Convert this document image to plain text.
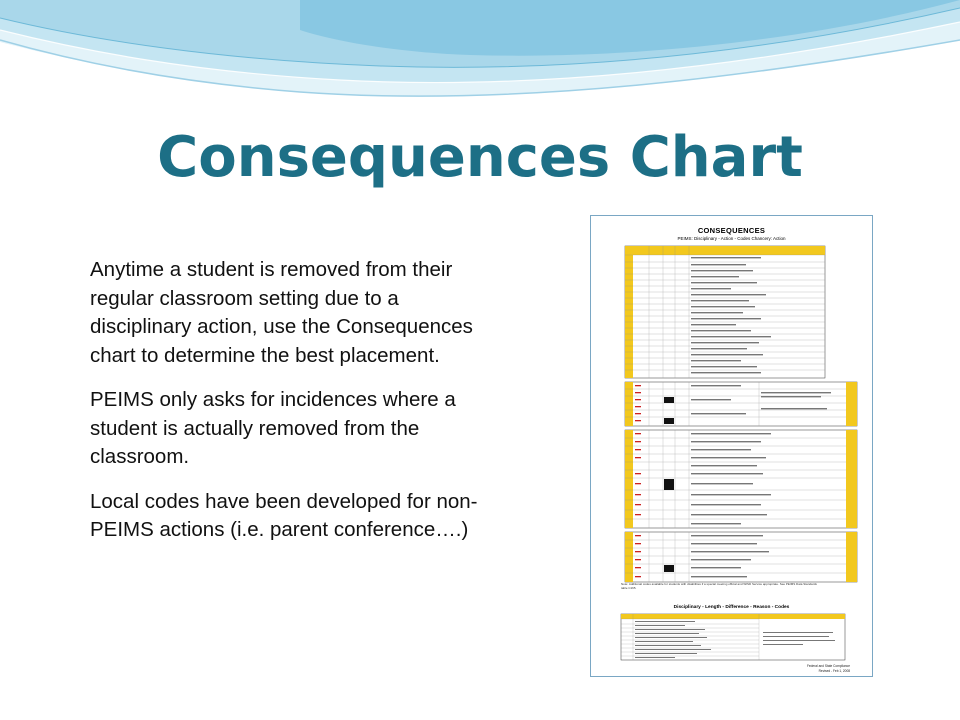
Consequences Chart

Anytime a student is removed from their regular classroom setting due to a disciplinary action, use the Consequences chart to determine the best placement.

PEIMS only asks for incidences where a student is actually removed from the classroom.

Local codes have been developed for non-PEIMS actions (i.e. parent conference….)

CONSEQUENCES
PEIMS: Disciplinary - Action - Codes Chancery: Action
Note: Additional codes available for students with disabilities if a special meeting official and WISD Service appropriate. See PEIMS Data Standards table C165.
Disciplinary - Length - Difference - Reason - Codes
Federal and State Compliance
Revised - Feb 1, 2008
